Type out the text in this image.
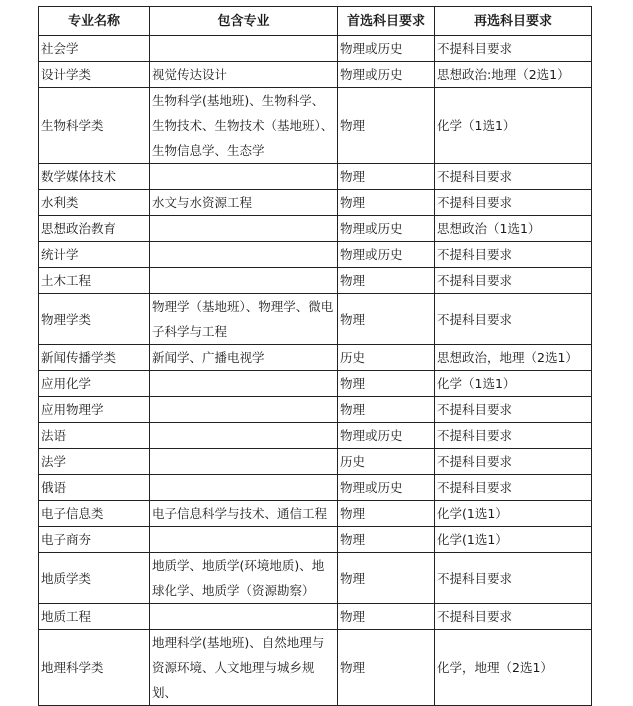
专业名称	包含专业	首选科目要求	再选科目要求
社会学		物理或历史	不提科目要求
设计学类	视觉传达设计	物理或历史	思想政治:地理（2选1）
生物科学类	生物科学(基地班)、生物科学、生物技术、生物技术（基地班）、生物信息学、生态学	物理	化学（1选1）
数学媒体技术		物理	不提科目要求
水利类	水文与水资源工程	物理	不提科目要求
思想政治教育		物理或历史	思想政治（1选1）
统计学		物理或历史	不提科目要求
土木工程		物理	不提科目要求
物理学类	物理学（基地班）、物理学、微电子科学与工程	物理	不提科目要求
新闻传播学类	新闻学、广播电视学	历史	思想政治，地理（2选1）
应用化学		物理	化学（1选1）
应用物理学		物理	不提科目要求
法语		物理或历史	不提科目要求
法学		历史	不提科目要求
俄语		物理或历史	不提科目要求
电子信息类	电子信息科学与技术、通信工程	物理	化学(1选1）
电子商夯		物理	化学(1选1）
地质学类	地质学、地质学(环境地质)、地球化学、地质学（资源勘察）	物理	不提科目要求
地质工程		物理	不提科目要求
地理科学类	地理科学(基地班)、自然地理与资源环境、人文地理与城乡规划、	物理	化学，地理（2选1）
